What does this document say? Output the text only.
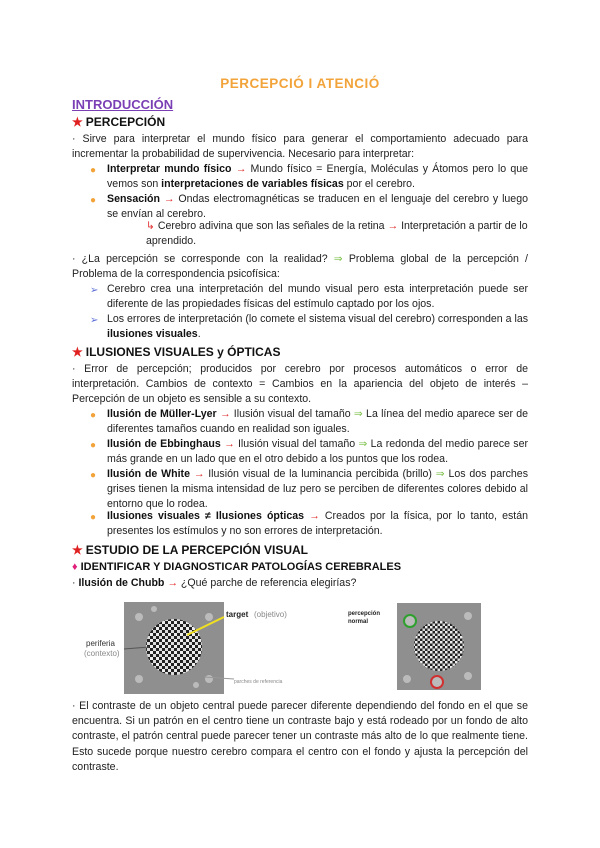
PERCEPCIÓ I ATENCIÓ
INTRODUCCIÓN
★ PERCEPCIÓN
· Sirve para interpretar el mundo físico para generar el comportamiento adecuado para incrementar la probabilidad de supervivencia. Necesario para interpretar:
● Interpretar mundo físico → Mundo físico = Energía, Moléculas y Átomos pero lo que vemos son interpretaciones de variables físicas por el cerebro.
● Sensación → Ondas electromagnéticas se traducen en el lenguaje del cerebro y luego se envían al cerebro.
↳ Cerebro adivina que son las señales de la retina → Interpretación a partir de lo aprendido.
· ¿La percepción se corresponde con la realidad? ⇒ Problema global de la percepción / Problema de la correspondencia psicofísica:
➢ Cerebro crea una interpretación del mundo visual pero esta interpretación puede ser diferente de las propiedades físicas del estímulo captado por los ojos.
➢ Los errores de interpretación (lo comete el sistema visual del cerebro) corresponden a las ilusiones visuales.
★ ILUSIONES VISUALES y ÓPTICAS
· Error de percepción; producidos por cerebro por procesos automáticos o error de interpretación. Cambios de contexto = Cambios en la apariencia del objeto de interés – Percepción de un objeto es sensible a su contexto.
● Ilusión de Müller-Lyer → Ilusión visual del tamaño ⇒ La línea del medio aparece ser de diferentes tamaños cuando en realidad son iguales.
● Ilusión de Ebbinghaus → Ilusión visual del tamaño ⇒ La redonda del medio parece ser más grande en un lado que en el otro debido a los puntos que los rodea.
● Ilusión de White → Ilusión visual de la luminancia percibida (brillo) ⇒ Los dos parches grises tienen la misma intensidad de luz pero se perciben de diferentes colores debido al entorno que lo rodea.
● Ilusiones visuales ≠ Ilusiones ópticas → Creados por la física, por lo tanto, están presentes los estímulos y no son errores de interpretación.
★ ESTUDIO DE LA PERCEPCIÓN VISUAL
♦ IDENTIFICAR Y DIAGNOSTICAR PATOLOGÍAS CEREBRALES
· Ilusión de Chubb → ¿Qué parche de referencia elegirías?
target (objetivo)
periferia
(contexto)
parches de referencia
percepción normal
· El contraste de un objeto central puede parecer diferente dependiendo del fondo en el que se encuentra. Si un patrón en el centro tiene un contraste bajo y está rodeado por un fondo de alto contraste, el patrón central puede parecer tener un contraste más alto de lo que realmente tiene. Esto sucede porque nuestro cerebro compara el centro con el fondo y ajusta la percepción del contraste.
